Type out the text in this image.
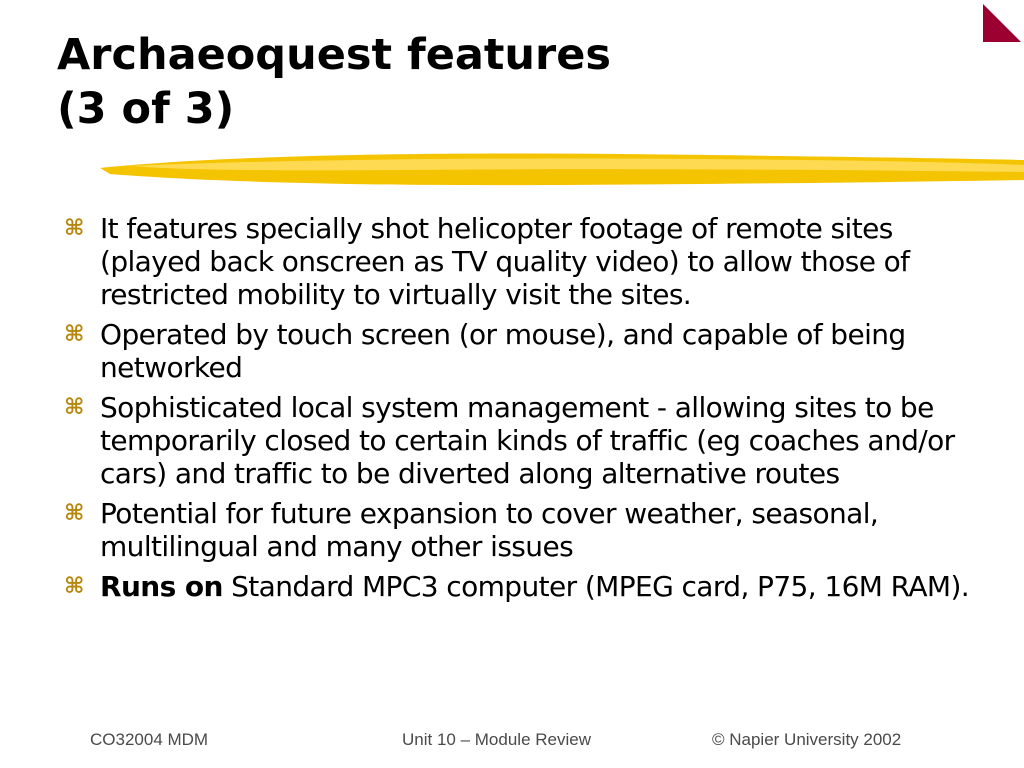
Archaeoquest features
(3 of 3)
⌘ It features specially shot helicopter footage of remote sites (played back onscreen as TV quality video) to allow those of restricted mobility to virtually visit the sites.
⌘ Operated by touch screen (or mouse), and capable of being networked
⌘ Sophisticated local system management - allowing sites to be temporarily closed to certain kinds of traffic (eg coaches and/or cars) and traffic to be diverted along alternative routes
⌘ Potential for future expansion to cover weather, seasonal, multilingual and many other issues
⌘ Runs on Standard MPC3 computer (MPEG card, P75, 16M RAM).
CO32004 MDM	Unit 10 – Module Review	© Napier University 2002
